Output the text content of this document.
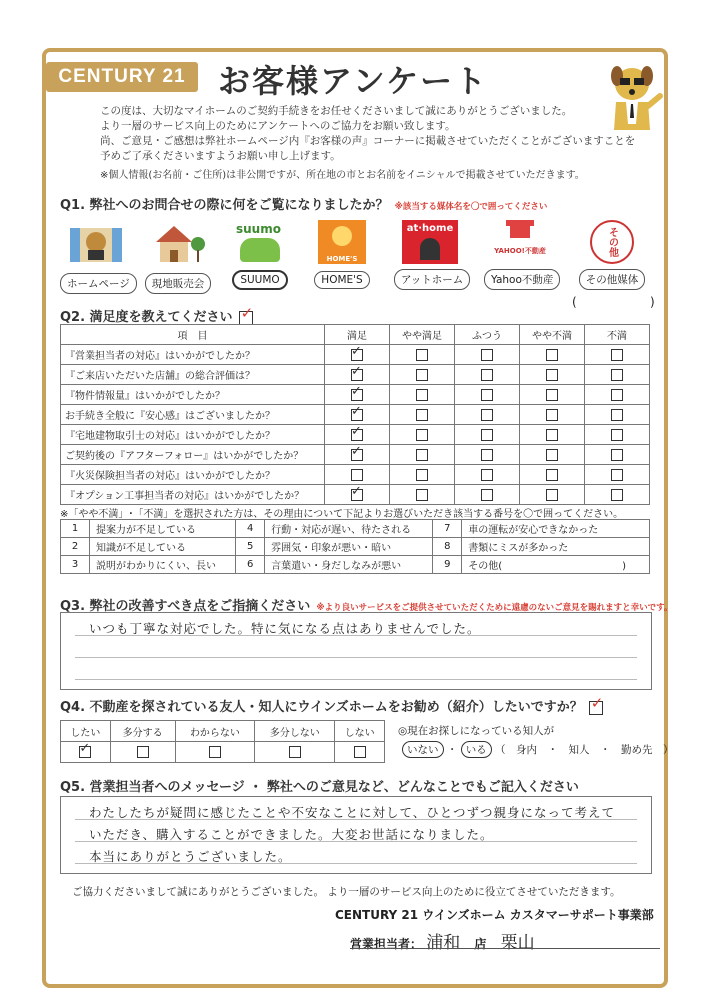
CENTURY 21	お客様アンケート
この度は、大切なマイホームのご契約手続きをお任せくださいまして誠にありがとうございました。
より一層のサービス向上のためにアンケートへのご協力をお願い致します。
尚、ご意見・ご感想は弊社ホームページ内『お客様の声』コーナーに掲載させていただくことがございますことを
予めご了承くださいますようお願い申し上げます。
※個人情報(お名前・ご住所)は非公開ですが、所在地の市とお名前をイニシャルで掲載させていただきます。
Q1. 弊社へのお問合せの際に何をご覧になりましたか？ ※該当する媒体名を〇で囲ってください
ホームページ	現地販売会
suumo
SUUMO
HOME'S
HOME'S
at·home
アットホーム
YAHOO!不動産
Yahoo不動産
その他
その他媒体
(	)
Q2. 満足度を教えてください✓
項　目	満足	やや満足	ふつう	やや不満	不満
『営業担当者の対応』はいかがでしたか？	✓				
『ご来店いただいた店舗』の総合評価は？	✓				
『物件情報量』はいかがでしたか？	✓				
お手続き全般に『安心感』はございましたか？	✓				
『宅地建物取引士の対応』はいかがでしたか？	✓				
ご契約後の『アフターフォロー』はいかがでしたか？	✓				
『火災保険担当者の対応』はいかがでしたか？					
『オプション工事担当者の対応』はいかがでしたか？	✓				
※「やや不満」･「不満」を選択された方は、その理由について下記よりお選びいただき該当する番号を〇で囲ってください。
1	提案力が不足している	4	行動・対応が遅い、待たされる	7	車の運転が安心できなかった
2	知識が不足している	5	雰囲気・印象が悪い・暗い	8	書類にミスが多かった
3	説明がわかりにくい、長い	6	言葉遣い・身だしなみが悪い	9	その他(　　　　　　　　　　　　)
Q3. 弊社の改善すべき点をご指摘ください ※より良いサービスをご提供させていただくために遠慮のないご意見を賜れますと幸いです。
いつも丁寧な対応でした。特に気になる点はありませんでした。
Q4. 不動産を探されている友人・知人にウインズホームをお勧め（紹介）したいですか？✓
したい	多分する	わからない	多分しない	しない
✓				◎現在お探しになっている知人が
いない ・ いる （　身内　・　知人　・　勤め先　）
Q5. 営業担当者へのメッセージ ・ 弊社へのご意見など、どんなことでもご記入ください
わたしたちが疑問に感じたことや不安なことに対して、ひとつずつ親身になって考えて
いただき、購入することができました。大変お世話になりました。
本当にありがとうございました。
ご協力くださいまして誠にありがとうございました。 より一層のサービス向上のために役立てさせていただきます。
CENTURY 21 ウインズホーム カスタマーサポート事業部
営業担当者： 浦和 店 栗山
